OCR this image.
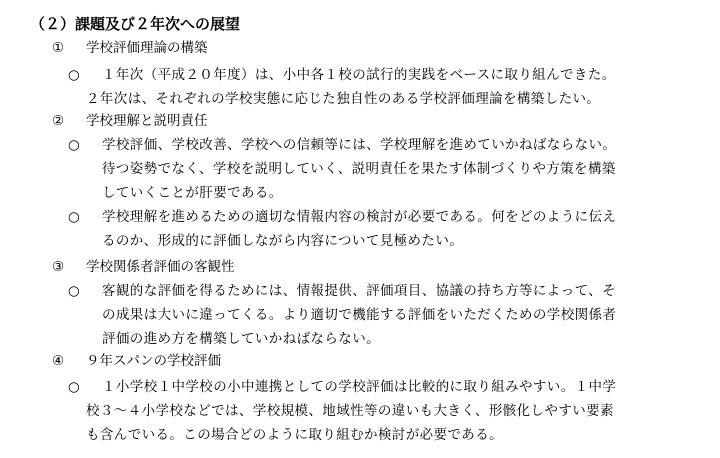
（２）課題及び２年次への展望
① 学校評価理論の構築
○ １年次（平成２０年度）は、小中各１校の試行的実践をベースに取り組んできた。
２年次は、それぞれの学校実態に応じた独自性のある学校評価理論を構築したい。
② 学校理解と説明責任
○ 学校評価、学校改善、学校への信頼等には、学校理解を進めていかねばならない。
待つ姿勢でなく、学校を説明していく、説明責任を果たす体制づくりや方策を構築
していくことが肝要である。
○ 学校理解を進めるための適切な情報内容の検討が必要である。何をどのように伝え
るのか、形成的に評価しながら内容について見極めたい。
③ 学校関係者評価の客観性
○ 客観的な評価を得るためには、情報提供、評価項目、協議の持ち方等によって、そ
の成果は大いに違ってくる。より適切で機能する評価をいただくための学校関係者
評価の進め方を構築していかねばならない。
④ ９年スパンの学校評価
○ １小学校１中学校の小中連携としての学校評価は比較的に取り組みやすい。１中学
校３～４小学校などでは、学校規模、地域性等の違いも大きく、形骸化しやすい要素
も含んでいる。この場合どのように取り組むか検討が必要である。
